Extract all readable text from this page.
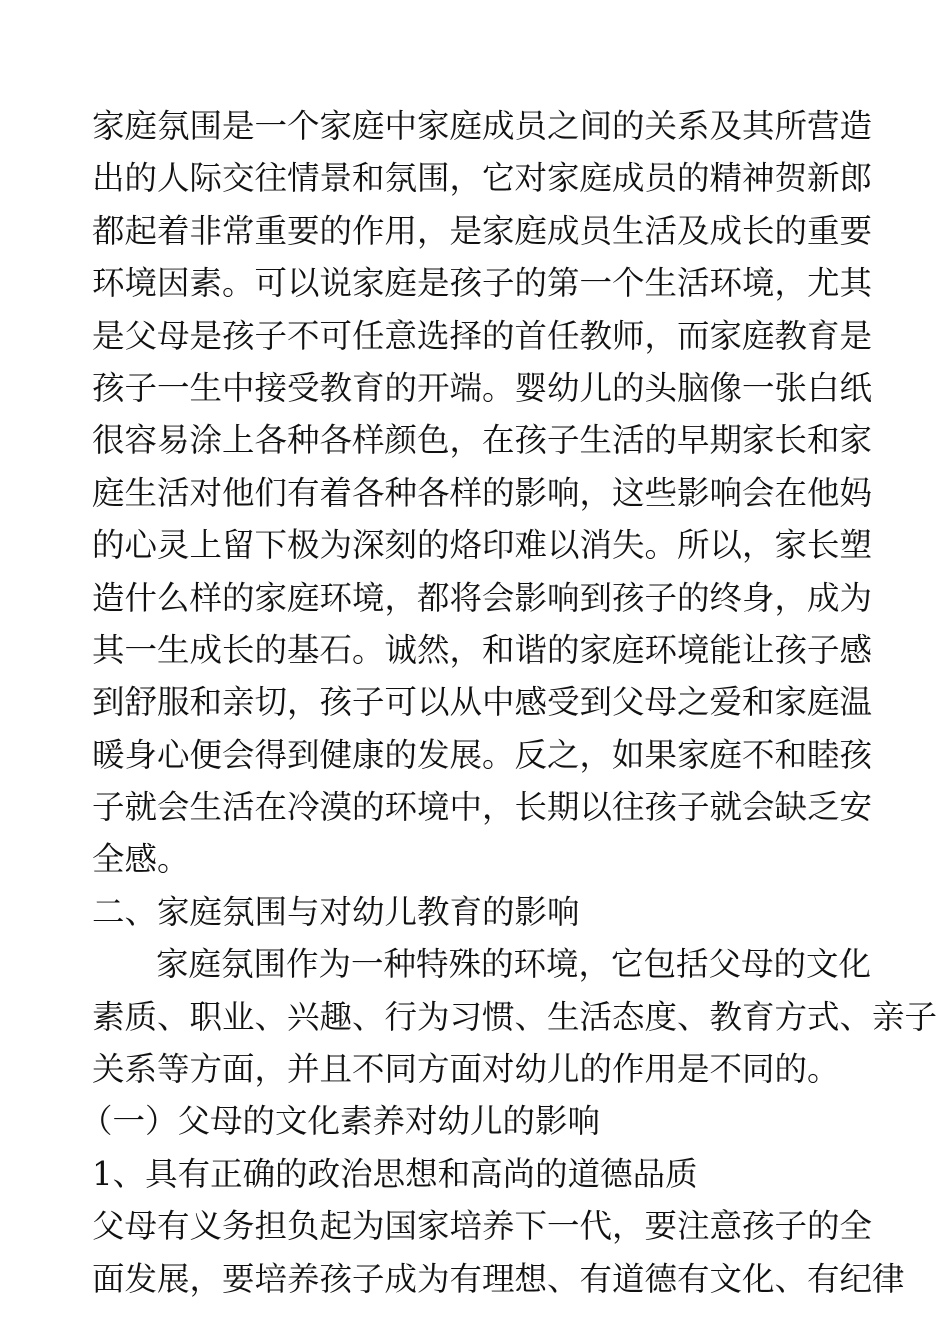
家庭氛围是一个家庭中家庭成员之间的关系及其所营造
出的人际交往情景和氛围，它对家庭成员的精神贺新郎
都起着非常重要的作用，是家庭成员生活及成长的重要
环境因素。可以说家庭是孩子的第一个生活环境，尤其
是父母是孩子不可任意选择的首任教师，而家庭教育是
孩子一生中接受教育的开端。婴幼儿的头脑像一张白纸
很容易涂上各种各样颜色，在孩子生活的早期家长和家
庭生活对他们有着各种各样的影响，这些影响会在他妈
的心灵上留下极为深刻的烙印难以消失。所以，家长塑
造什么样的家庭环境，都将会影响到孩子的终身，成为
其一生成长的基石。诚然，和谐的家庭环境能让孩子感
到舒服和亲切，孩子可以从中感受到父母之爱和家庭温
暖身心便会得到健康的发展。反之，如果家庭不和睦孩
子就会生活在冷漠的环境中，长期以往孩子就会缺乏安
全感。
二、家庭氛围与对幼儿教育的影响
家庭氛围作为一种特殊的环境，它包括父母的文化
素质、职业、兴趣、行为习惯、生活态度、教育方式、亲子
关系等方面，并且不同方面对幼儿的作用是不同的。
（一）父母的文化素养对幼儿的影响
1、具有正确的政治思想和高尚的道德品质
父母有义务担负起为国家培养下一代，要注意孩子的全
面发展，要培养孩子成为有理想、有道德有文化、有纪律
